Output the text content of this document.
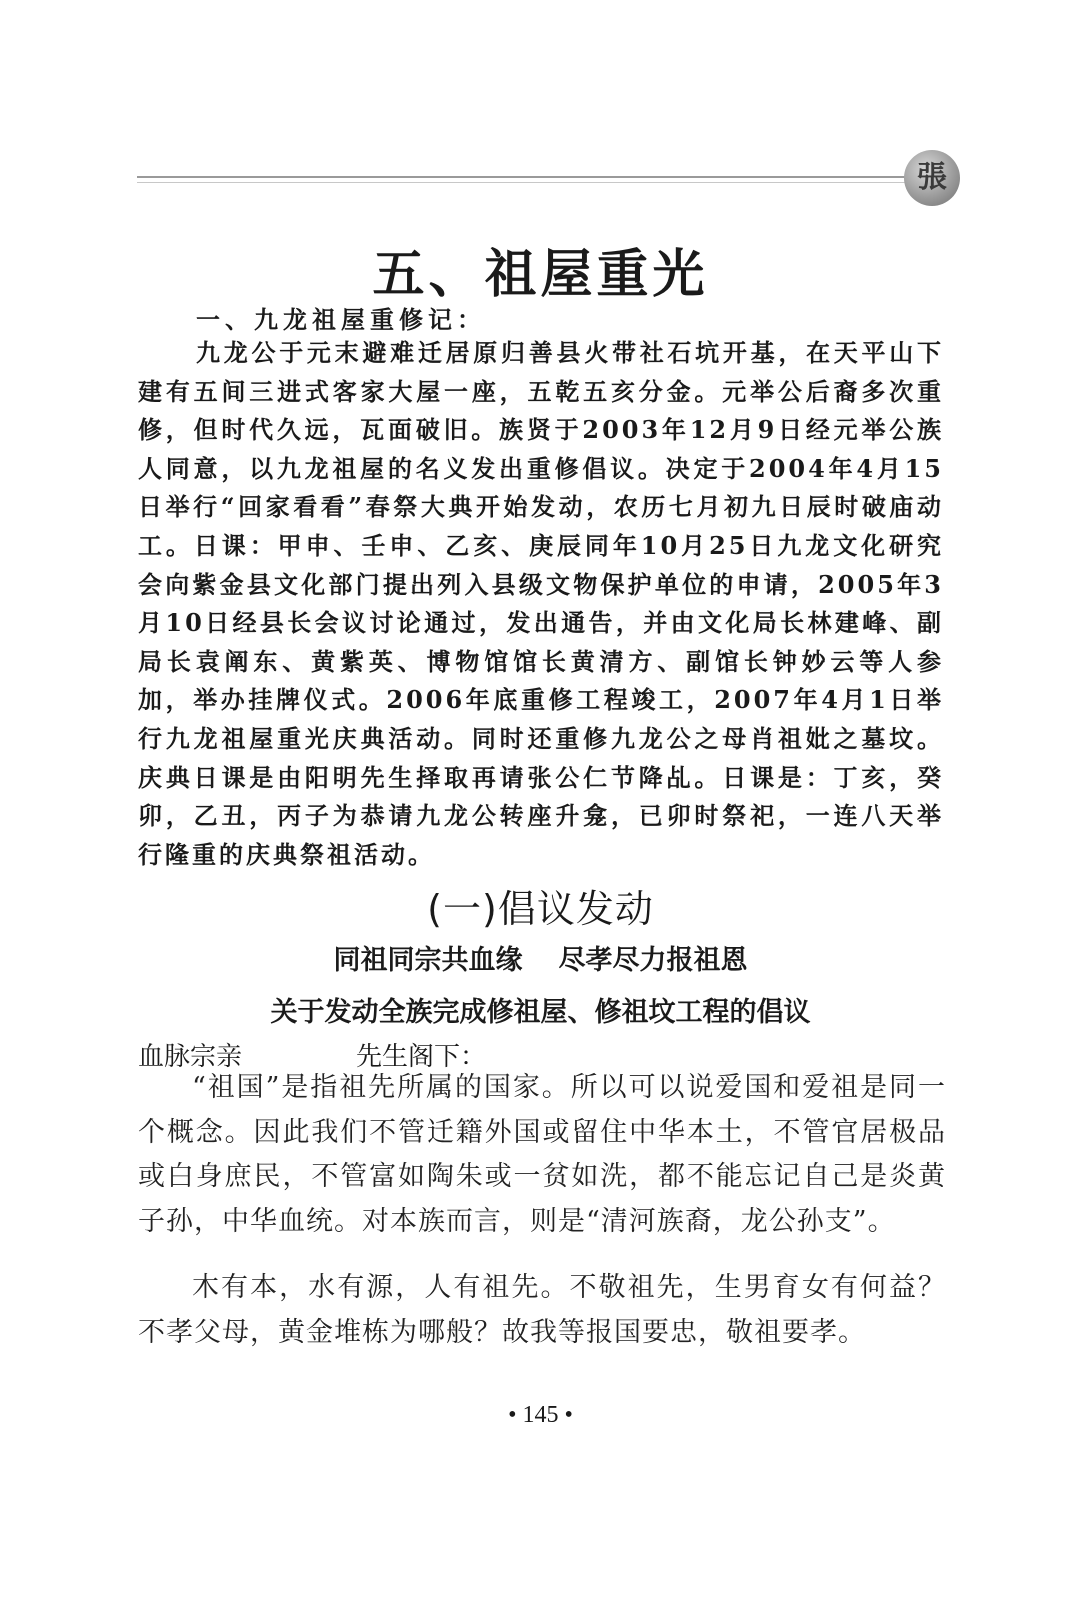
張
五、祖屋重光
一、九龙祖屋重修记：
九龙公于元末避难迁居原归善县火带社石坑开基，在天平山下建有五间三进式客家大屋一座，五乾五亥分金。元举公后裔多次重修，但时代久远，瓦面破旧。族贤于2003年12月9日经元举公族人同意，以九龙祖屋的名义发出重修倡议。决定于2004年4月15日举行“回家看看”春祭大典开始发动，农历七月初九日辰时破庙动工。日课：甲申、壬申、乙亥、庚辰同年10月25日九龙文化研究会向紫金县文化部门提出列入县级文物保护单位的申请，2005年3月10日经县长会议讨论通过，发出通告，并由文化局长林建峰、副局长袁阐东、黄紫英、博物馆馆长黄清方、副馆长钟妙云等人参加，举办挂牌仪式。2006年底重修工程竣工，2007年4月1日举行九龙祖屋重光庆典活动。同时还重修九龙公之母肖祖妣之墓坟。庆典日课是由阳明先生择取再请张公仁节降乩。日课是：丁亥，癸卯，乙丑，丙子为恭请九龙公转座升龛，已卯时祭祀，一连八天举行隆重的庆典祭祖活动。
(一)倡议发动
同祖同宗共血缘 尽孝尽力报祖恩
关于发动全族完成修祖屋、修祖坟工程的倡议
血脉宗亲	先生阁下：
“祖国”是指祖先所属的国家。所以可以说爱国和爱祖是同一个概念。因此我们不管迁籍外国或留住中华本土，不管官居极品或白身庶民，不管富如陶朱或一贫如洗，都不能忘记自己是炎黄子孙，中华血统。对本族而言，则是“清河族裔，龙公孙支”。
木有本，水有源，人有祖先。不敬祖先，生男育女有何益？不孝父母，黄金堆栋为哪般？故我等报国要忠，敬祖要孝。
• 145 •
